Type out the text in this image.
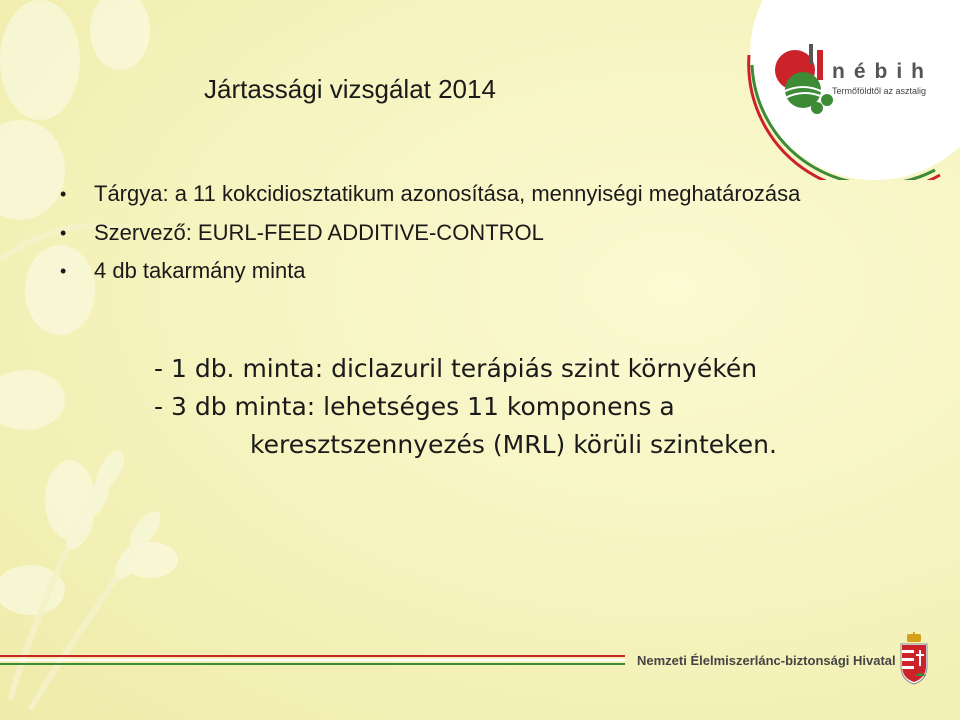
nébih
Termőföldtől az asztalig
Jártassági vizsgálat 2014
• Tárgya: a 11 kokcidiosztatikum azonosítása, mennyiségi meghatározása
• Szervező: EURL-FEED ADDITIVE-CONTROL
• 4 db takarmány minta
- 1 db. minta: diclazuril terápiás szint környékén
- 3 db minta: lehetséges 11 komponens a
keresztszennyezés (MRL) körüli szinteken.
Nemzeti Élelmiszerlánc-biztonsági Hivatal
